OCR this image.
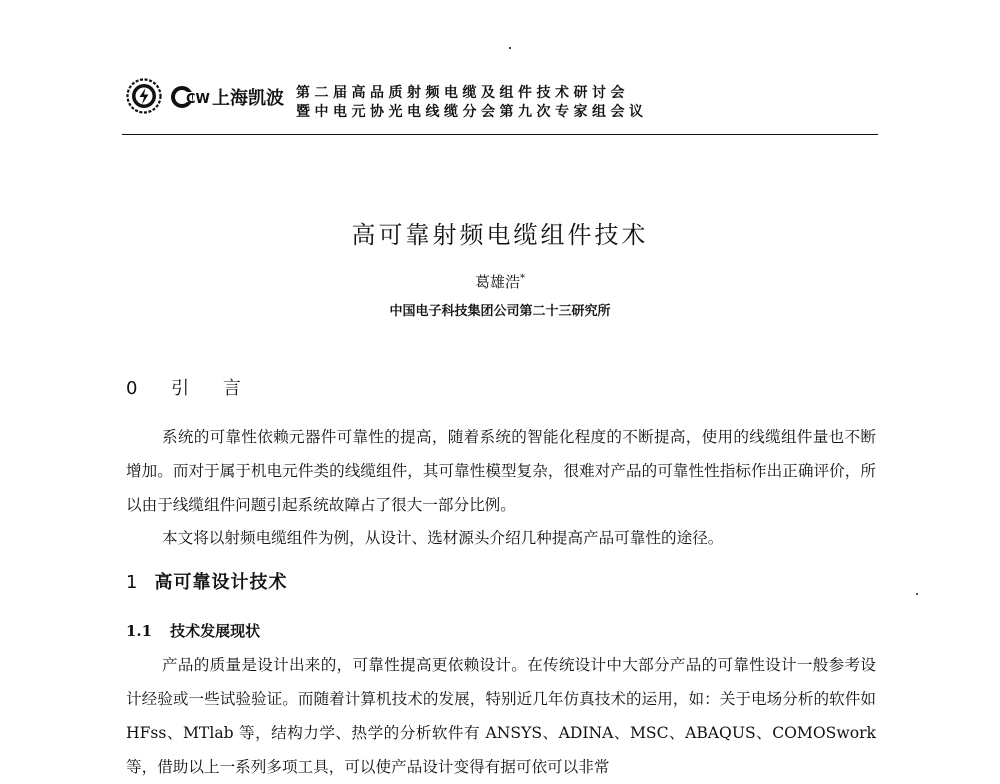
CW 上海凯波 第二届高品质射频电缆及组件技术研讨会
暨中电元协光电线缆分会第九次专家组会议
高可靠射频电缆组件技术
葛雄浩*
中国电子科技集团公司第二十三研究所
0 引 言

系统的可靠性依赖元器件可靠性的提高，随着系统的智能化程度的不断提高，使用的线缆组件量也不断增加。而对于属于机电元件类的线缆组件，其可靠性模型复杂，很难对产品的可靠性性指标作出正确评价，所以由于线缆组件问题引起系统故障占了很大一部分比例。

本文将以射频电缆组件为例，从设计、选材源头介绍几种提高产品可靠性的途径。

1 高可靠设计技术
1.1 技术发展现状

产品的质量是设计出来的，可靠性提高更依赖设计。在传统设计中大部分产品的可靠性设计一般参考设计经验或一些试验验证。而随着计算机技术的发展，特别近几年仿真技术的运用，如：关于电场分析的软件如 HFss、MTlab 等，结构力学、热学的分析软件有 ANSYS、ADINA、MSC、ABAQUS、COMOSwork 等，借助以上一系列多项工具，可以使产品设计变得有据可依可以非常
